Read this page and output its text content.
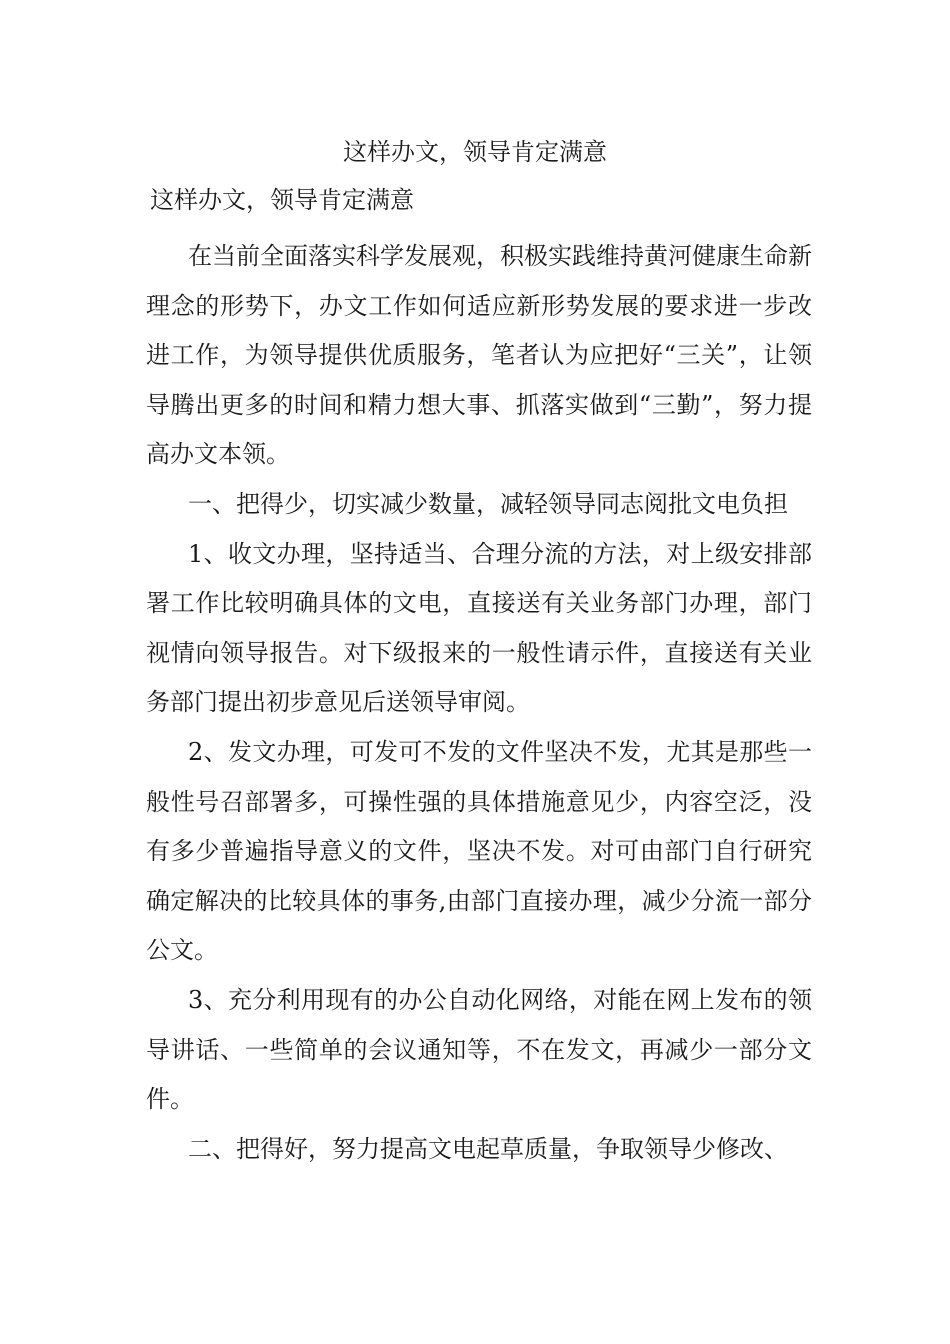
这样办文，领导肯定满意

这样办文，领导肯定满意

在当前全面落实科学发展观，积极实践维持黄河健康生命新理念的形势下，办文工作如何适应新形势发展的要求进一步改进工作，为领导提供优质服务，笔者认为应把好“三关”，让领导腾出更多的时间和精力想大事、抓落实做到“三勤”，努力提高办文本领。

一、把得少，切实减少数量，减轻领导同志阅批文电负担

1、收文办理，坚持适当、合理分流的方法，对上级安排部署工作比较明确具体的文电，直接送有关业务部门办理，部门视情向领导报告。对下级报来的一般性请示件，直接送有关业务部门提出初步意见后送领导审阅。

2、发文办理，可发可不发的文件坚决不发，尤其是那些一般性号召部署多，可操性强的具体措施意见少，内容空泛，没有多少普遍指导意义的文件，坚决不发。对可由部门自行研究确定解决的比较具体的事务,由部门直接办理，减少分流一部分公文。

3、充分利用现有的办公自动化网络，对能在网上发布的领导讲话、一些简单的会议通知等，不在发文，再减少一部分文件。

二、把得好，努力提高文电起草质量，争取领导少修改、
